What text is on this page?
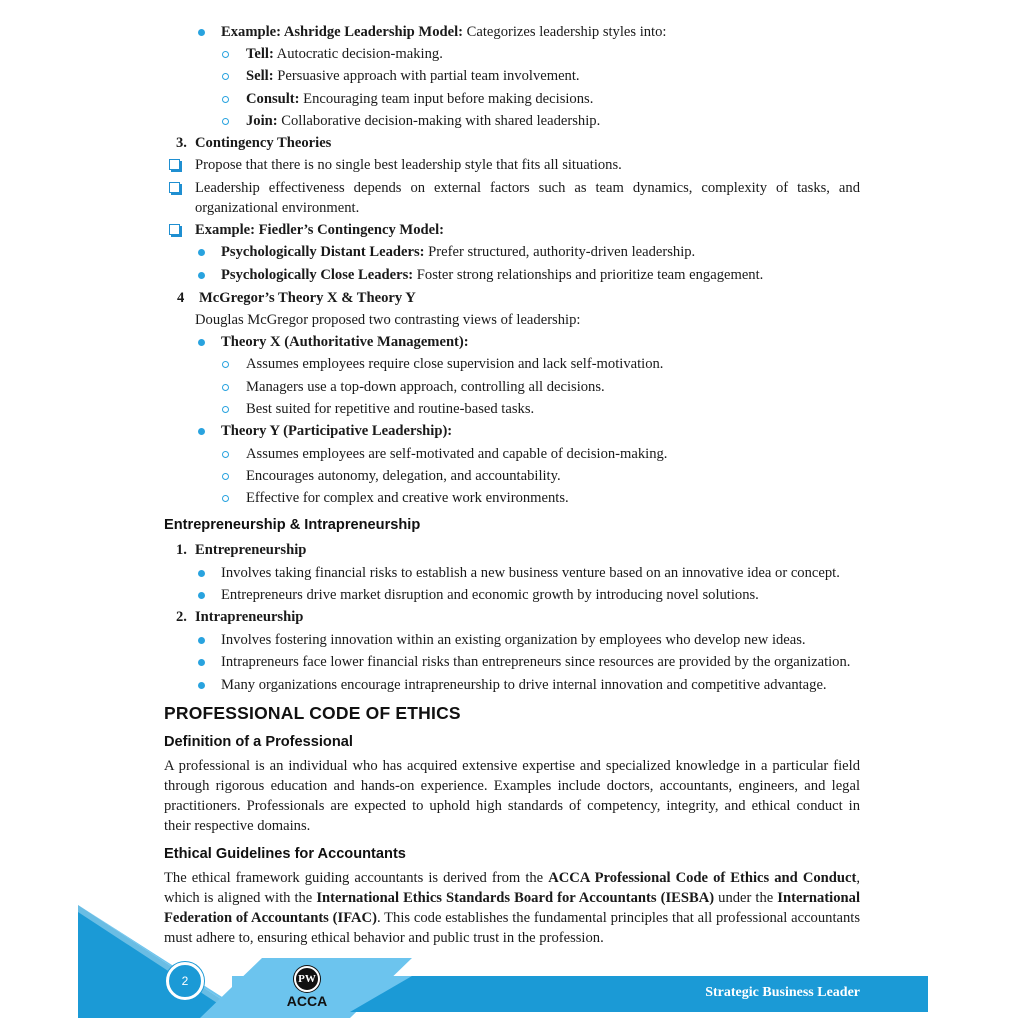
Example: Ashridge Leadership Model: Categorizes leadership styles into:
Tell: Autocratic decision-making.
Sell: Persuasive approach with partial team involvement.
Consult: Encouraging team input before making decisions.
Join: Collaborative decision-making with shared leadership.
3. Contingency Theories
Propose that there is no single best leadership style that fits all situations.
Leadership effectiveness depends on external factors such as team dynamics, complexity of tasks, and
organizational environment.
Example: Fiedler’s Contingency Model:
Psychologically Distant Leaders: Prefer structured, authority-driven leadership.
Psychologically Close Leaders: Foster strong relationships and prioritize team engagement.
4 McGregor’s Theory X & Theory Y
Douglas McGregor proposed two contrasting views of leadership:
Theory X (Authoritative Management):
Assumes employees require close supervision and lack self-motivation.
Managers use a top-down approach, controlling all decisions.
Best suited for repetitive and routine-based tasks.
Theory Y (Participative Leadership):
Assumes employees are self-motivated and capable of decision-making.
Encourages autonomy, delegation, and accountability.
Effective for complex and creative work environments.
Entrepreneurship & Intrapreneurship
1. Entrepreneurship
Involves taking financial risks to establish a new business venture based on an innovative idea or concept.
Entrepreneurs drive market disruption and economic growth by introducing novel solutions.
2. Intrapreneurship
Involves fostering innovation within an existing organization by employees who develop new ideas.
Intrapreneurs face lower financial risks than entrepreneurs since resources are provided by the organization.
Many organizations encourage intrapreneurship to drive internal innovation and competitive advantage.
PROFESSIONAL CODE OF ETHICS
Definition of a Professional
A professional is an individual who has acquired extensive expertise and specialized knowledge in a particular field
through rigorous education and hands-on experience. Examples include doctors, accountants, engineers, and legal
practitioners. Professionals are expected to uphold high standards of competency, integrity, and ethical conduct in
their respective domains.
Ethical Guidelines for Accountants
The ethical framework guiding accountants is derived from the ACCA Professional Code of Ethics and Conduct,
which is aligned with the International Ethics Standards Board for Accountants (IESBA) under the International
Federation of Accountants (IFAC). This code establishes the fundamental principles that all professional accountants
must adhere to, ensuring ethical behavior and public trust in the profession.
2	PW
ACCA
Strategic Business Leader
